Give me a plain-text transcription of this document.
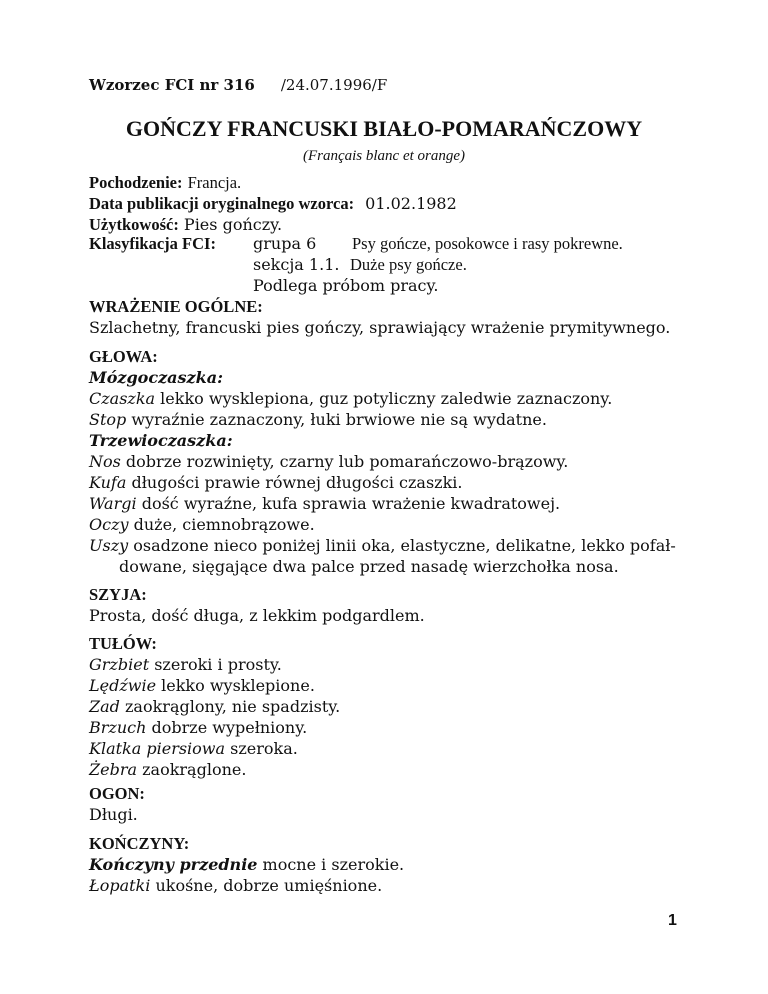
Wzorzec FCI nr 316 /24.07.1996/F
GOŃCZY FRANCUSKI BIAŁO-POMARAŃCZOWY
(Français blanc et orange)
Pochodzenie: Francja.
Data publikacji oryginalnego wzorca: 01.02.1982
Użytkowość: Pies gończy.
Klasyfikacja FCI: grupa 6 Psy gończe, posokowce i rasy pokrewne.
sekcja 1.1. Duże psy gończe.
Podlega próbom pracy.
WRAŻENIE OGÓLNE:
Szlachetny, francuski pies gończy, sprawiający wrażenie prymitywnego.
GŁOWA:
Mózgoczaszka:
Czaszka lekko wysklepiona, guz potyliczny zaledwie zaznaczony.
Stop wyraźnie zaznaczony, łuki brwiowe nie są wydatne.
Trzewioczaszka:
Nos dobrze rozwinięty, czarny lub pomarańczowo-brązowy.
Kufa długości prawie równej długości czaszki.
Wargi dość wyraźne, kufa sprawia wrażenie kwadratowej.
Oczy duże, ciemnobrązowe.
Uszy osadzone nieco poniżej linii oka, elastyczne, delikatne, lekko pofał-
dowane, sięgające dwa palce przed nasadę wierzchołka nosa.
SZYJA:
Prosta, dość długa, z lekkim podgardlem.
TUŁÓW:
Grzbiet szeroki i prosty.
Lędźwie lekko wysklepione.
Zad zaokrąglony, nie spadzisty.
Brzuch dobrze wypełniony.
Klatka piersiowa szeroka.
Żebra zaokrąglone.
OGON:
Długi.
KOŃCZYNY:
Kończyny przednie mocne i szerokie.
Łopatki ukośne, dobrze umięśnione.
1
